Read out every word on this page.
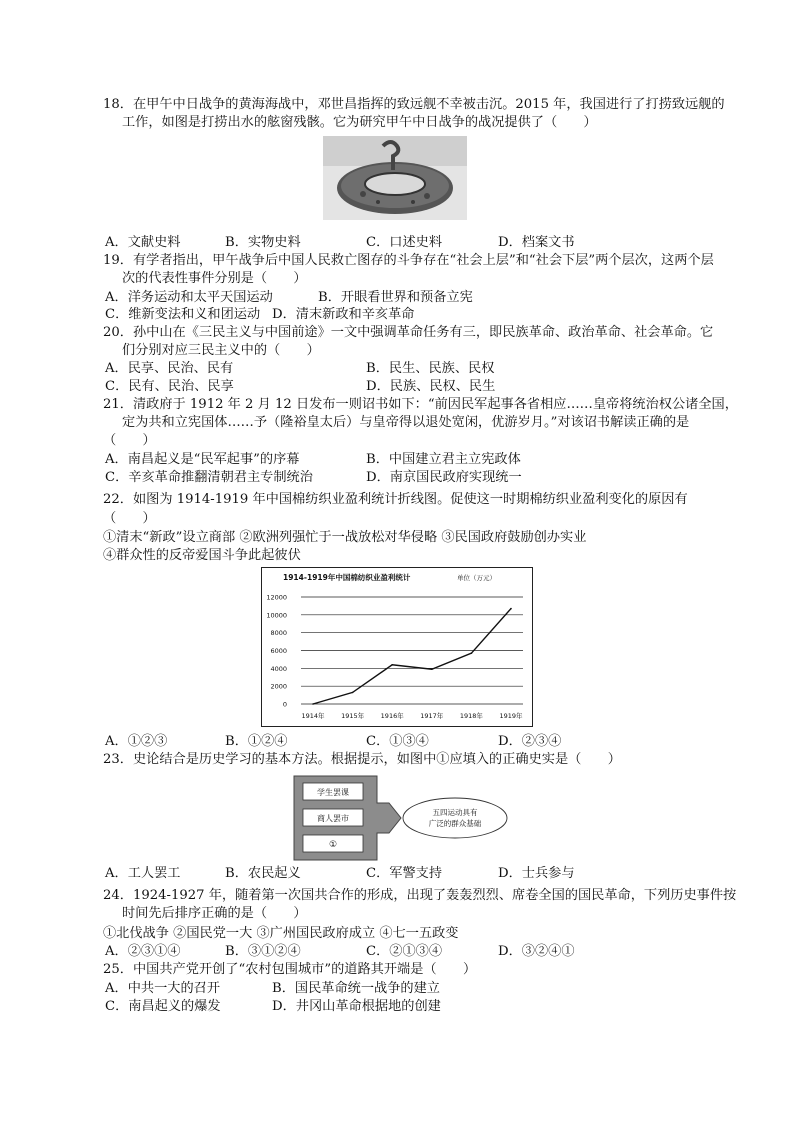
18．在甲午中日战争的黄海海战中，邓世昌指挥的致远舰不幸被击沉。2015 年，我国进行了打捞致远舰的
工作，如图是打捞出水的舷窗残骸。它为研究甲午中日战争的战况提供了（　　）
A．文献史料	B．实物史料	C．口述史料	D．档案文书
19．有学者指出，甲午战争后中国人民救亡图存的斗争存在“社会上层”和“社会下层”两个层次，这两个层
次的代表性事件分别是（　　）
A．洋务运动和太平天国运动	B．开眼看世界和预备立宪
C．维新变法和义和团运动 D．清末新政和辛亥革命
20．孙中山在《三民主义与中国前途》一文中强调革命任务有三，即民族革命、政治革命、社会革命。它
们分别对应三民主义中的（　　）
A．民享、民治、民有	B．民生、民族、民权
C．民有、民治、民享	D．民族、民权、民生
21．清政府于 1912 年 2 月 12 日发布一则诏书如下：“前因民军起事各省相应……皇帝将统治权公诸全国，
定为共和立宪国体……予（隆裕皇太后）与皇帝得以退处宽闲，优游岁月。”对该诏书解读正确的是
（　　）
A．南昌起义是“民军起事”的序幕	B．中国建立君主立宪政体
C．辛亥革命推翻清朝君主专制统治	D．南京国民政府实现统一
22．如图为 1914-1919 年中国棉纺织业盈利统计折线图。促使这一时期棉纺织业盈利变化的原因有
（　　）
①清末“新政”设立商部 ②欧洲列强忙于一战放松对华侵略 ③民国政府鼓励创办实业
④群众性的反帝爱国斗争此起彼伏
1914-1919年中国棉纺织业盈利统计	单位（万元）
12000
10000
8000
6000
4000
2000
0
1914年	1915年	1916年	1917年	1918年	1919年
A．①②③	B．①②④	C．①③④	D．②③④
23．史论结合是历史学习的基本方法。根据提示，如图中①应填入的正确史实是（　　）
学生罢课
商人罢市
①
五四运动具有
广泛的群众基础
A．工人罢工	B．农民起义	C．军警支持	D．士兵参与
24．1924-1927 年，随着第一次国共合作的形成，出现了轰轰烈烈、席卷全国的国民革命，下列历史事件按
时间先后排序正确的是（　　）
①北伐战争 ②国民党一大 ③广州国民政府成立 ④七一五政变
A．②③①④	B．③①②④	C．②①③④	D．③②④①
25．中国共产党开创了“农村包围城市”的道路其开端是（　　）
A．中共一大的召开	B．国民革命统一战争的建立
C．南昌起义的爆发	D．井冈山革命根据地的创建
